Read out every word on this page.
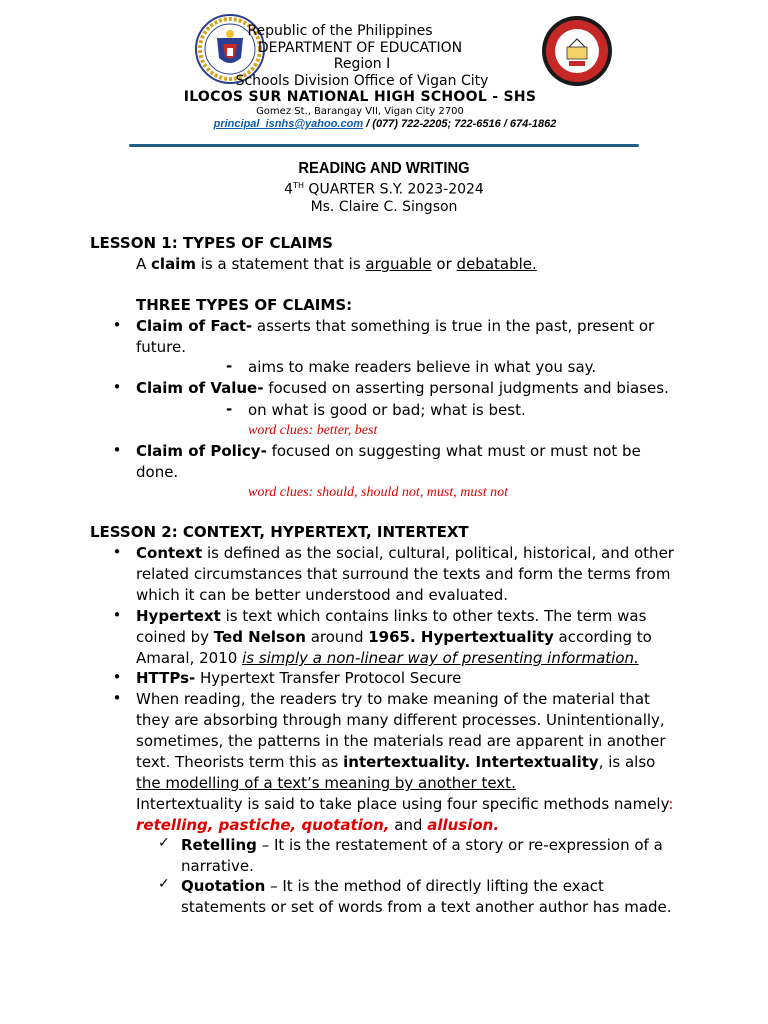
Republic of the Philippines
DEPARTMENT OF EDUCATION
Region I
Schools Division Office of Vigan City
ILOCOS SUR NATIONAL HIGH SCHOOL - SHS
Gomez St., Barangay VII, Vigan City 2700
principal_isnhs@yahoo.com / (077) 722-2205; 722-6516 / 674-1862
READING AND WRITING
4TH QUARTER S.Y. 2023-2024
Ms. Claire C. Singson
LESSON 1: TYPES OF CLAIMS
A claim is a statement that is arguable or debatable.
THREE TYPES OF CLAIMS:
• Claim of Fact- asserts that something is true in the past, present or
future.
- aims to make readers believe in what you say.
• Claim of Value- focused on asserting personal judgments and biases.
- on what is good or bad; what is best.
word clues: better, best
• Claim of Policy- focused on suggesting what must or must not be
done.
word clues: should, should not, must, must not
LESSON 2: CONTEXT, HYPERTEXT, INTERTEXT
• Context is defined as the social, cultural, political, historical, and other
related circumstances that surround the texts and form the terms from
which it can be better understood and evaluated.
• Hypertext is text which contains links to other texts. The term was
coined by Ted Nelson around 1965. Hypertextuality according to
Amaral, 2010 is simply a non-linear way of presenting information.
• HTTPs- Hypertext Transfer Protocol Secure
• When reading, the readers try to make meaning of the material that
they are absorbing through many different processes. Unintentionally,
sometimes, the patterns in the materials read are apparent in another
text. Theorists term this as intertextuality. Intertextuality, is also
the modelling of a text’s meaning by another text.
Intertextuality is said to take place using four specific methods namely:
retelling, pastiche, quotation, and allusion.
✓ Retelling – It is the restatement of a story or re-expression of a
narrative.
✓ Quotation – It is the method of directly lifting the exact
statements or set of words from a text another author has made.
